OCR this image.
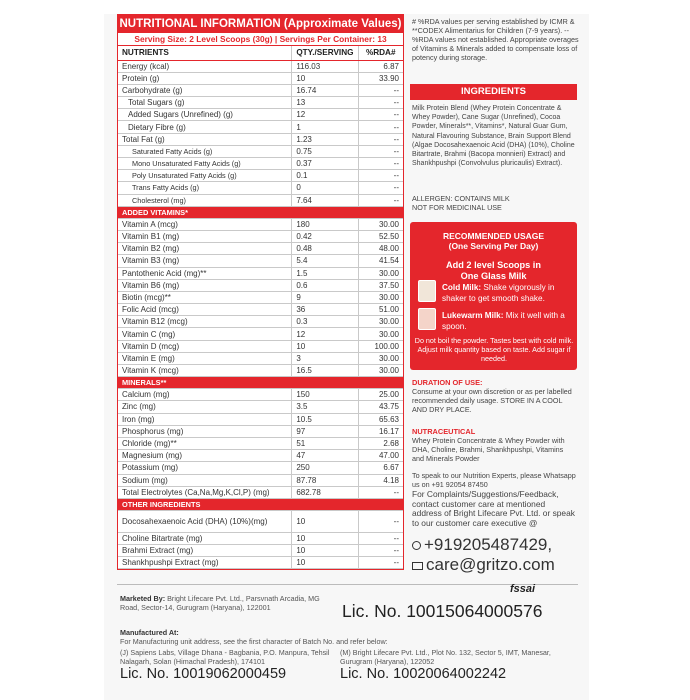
NUTRITIONAL INFORMATION (Approximate Values)
Serving Size: 2 Level Scoops (30g) | Servings Per Container: 13
NUTRIENTS	QTY./SERVING	%RDA#
Energy (kcal)	116.03	6.87
Protein (g)	10	33.90
Carbohydrate (g)	16.74	--
Total Sugars (g)	13	--
Added Sugars (Unrefined) (g)	12	--
Dietary Fibre (g)	1	--
Total Fat (g)	1.23	--
Saturated Fatty Acids (g)	0.75	--
Mono Unsaturated Fatty Acids (g)	0.37	--
Poly Unsaturated Fatty Acids (g)	0.1	--
Trans Fatty Acids (g)	0	--
Cholesterol (mg)	7.64	--
ADDED VITAMINS*		
Vitamin A (mcg)	180	30.00
Vitamin B1 (mg)	0.42	52.50
Vitamin B2 (mg)	0.48	48.00
Vitamin B3 (mg)	5.4	41.54
Pantothenic Acid (mg)**	1.5	30.00
Vitamin B6 (mg)	0.6	37.50
Biotin (mcg)**	9	30.00
Folic Acid (mcg)	36	51.00
Vitamin B12 (mcg)	0.3	30.00
Vitamin C (mg)	12	30.00
Vitamin D (mcg)	10	100.00
Vitamin E (mg)	3	30.00
Vitamin K (mcg)	16.5	30.00
MINERALS**		
Calcium (mg)	150	25.00
Zinc (mg)	3.5	43.75
Iron (mg)	10.5	65.63
Phosphorus (mg)	97	16.17
Chloride (mg)**	51	2.68
Magnesium (mg)	47	47.00
Potassium (mg)	250	6.67
Sodium (mg)	87.78	4.18
Total Electrolytes (Ca,Na,Mg,K,Cl,P) (mg)	682.78	--
OTHER INGREDIENTS		
Docosahexaenoic Acid (DHA) (10%)(mg)	10	--
Choline Bitartrate (mg)	10	--
Brahmi Extract (mg)	10	--
Shankhpushpi Extract (mg)	10	--
# %RDA values per serving established by ICMR & **CODEX Alimentarius for Children (7-9 years). --%RDA values not established. Appropriate overages of Vitamins & Minerals added to compensate loss of potency during storage.
INGREDIENTS
Milk Protein Blend (Whey Protein Concentrate & Whey Powder), Cane Sugar (Unrefined), Cocoa Powder, Minerals**, Vitamins*, Natural Guar Gum, Natural Flavouring Substance, Brain Support Blend (Algae Docosahexaenoic Acid (DHA) (10%), Choline Bitartrate, Brahmi (Bacopa monnieri) Extract) and Shankhpushpi (Convolvulus pluricaulis) Extract).
ALLERGEN: CONTAINS MILK
NOT FOR MEDICINAL USE
RECOMMENDED USAGE
(One Serving Per Day)
Add 2 level Scoops in One Glass Milk
Cold Milk: Shake vigorously in shaker to get smooth shake.
Lukewarm Milk: Mix it well with a spoon.
Do not boil the powder. Tastes best with cold milk. Adjust milk quantity based on taste. Add sugar if needed.
DURATION OF USE:
Consume at your own discretion or as per labelled recommended daily usage. STORE IN A COOL AND DRY PLACE.
NUTRACEUTICAL
Whey Protein Concentrate & Whey Powder with DHA, Choline, Brahmi, Shankhpushpi, Vitamins and Minerals Powder
To speak to our Nutrition Experts, please Whatsapp us on +91 92054 87450
For Complaints/Suggestions/Feedback, contact customer care at mentioned address of Bright Lifecare Pvt. Ltd. or speak to our customer care executive @
+919205487429,
care@gritzo.com
Marketed By: Bright Lifecare Pvt. Ltd., Parsvnath Arcadia, MG Road, Sector-14, Gurugram (Haryana), 122001
fssai
Lic. No. 10015064000576
Manufactured At:
For Manufacturing unit address, see the first character of Batch No. and refer below:
(J) Sapiens Labs, Village Dhana - Bagbania, P.O. Manpura, Tehsil Nalagarh, Solan (Himachal Pradesh), 174101
(M) Bright Lifecare Pvt. Ltd., Plot No. 132, Sector 5, IMT, Manesar, Gurugram (Haryana), 122052
Lic. No. 10019062000459	Lic. No. 10020064002242
